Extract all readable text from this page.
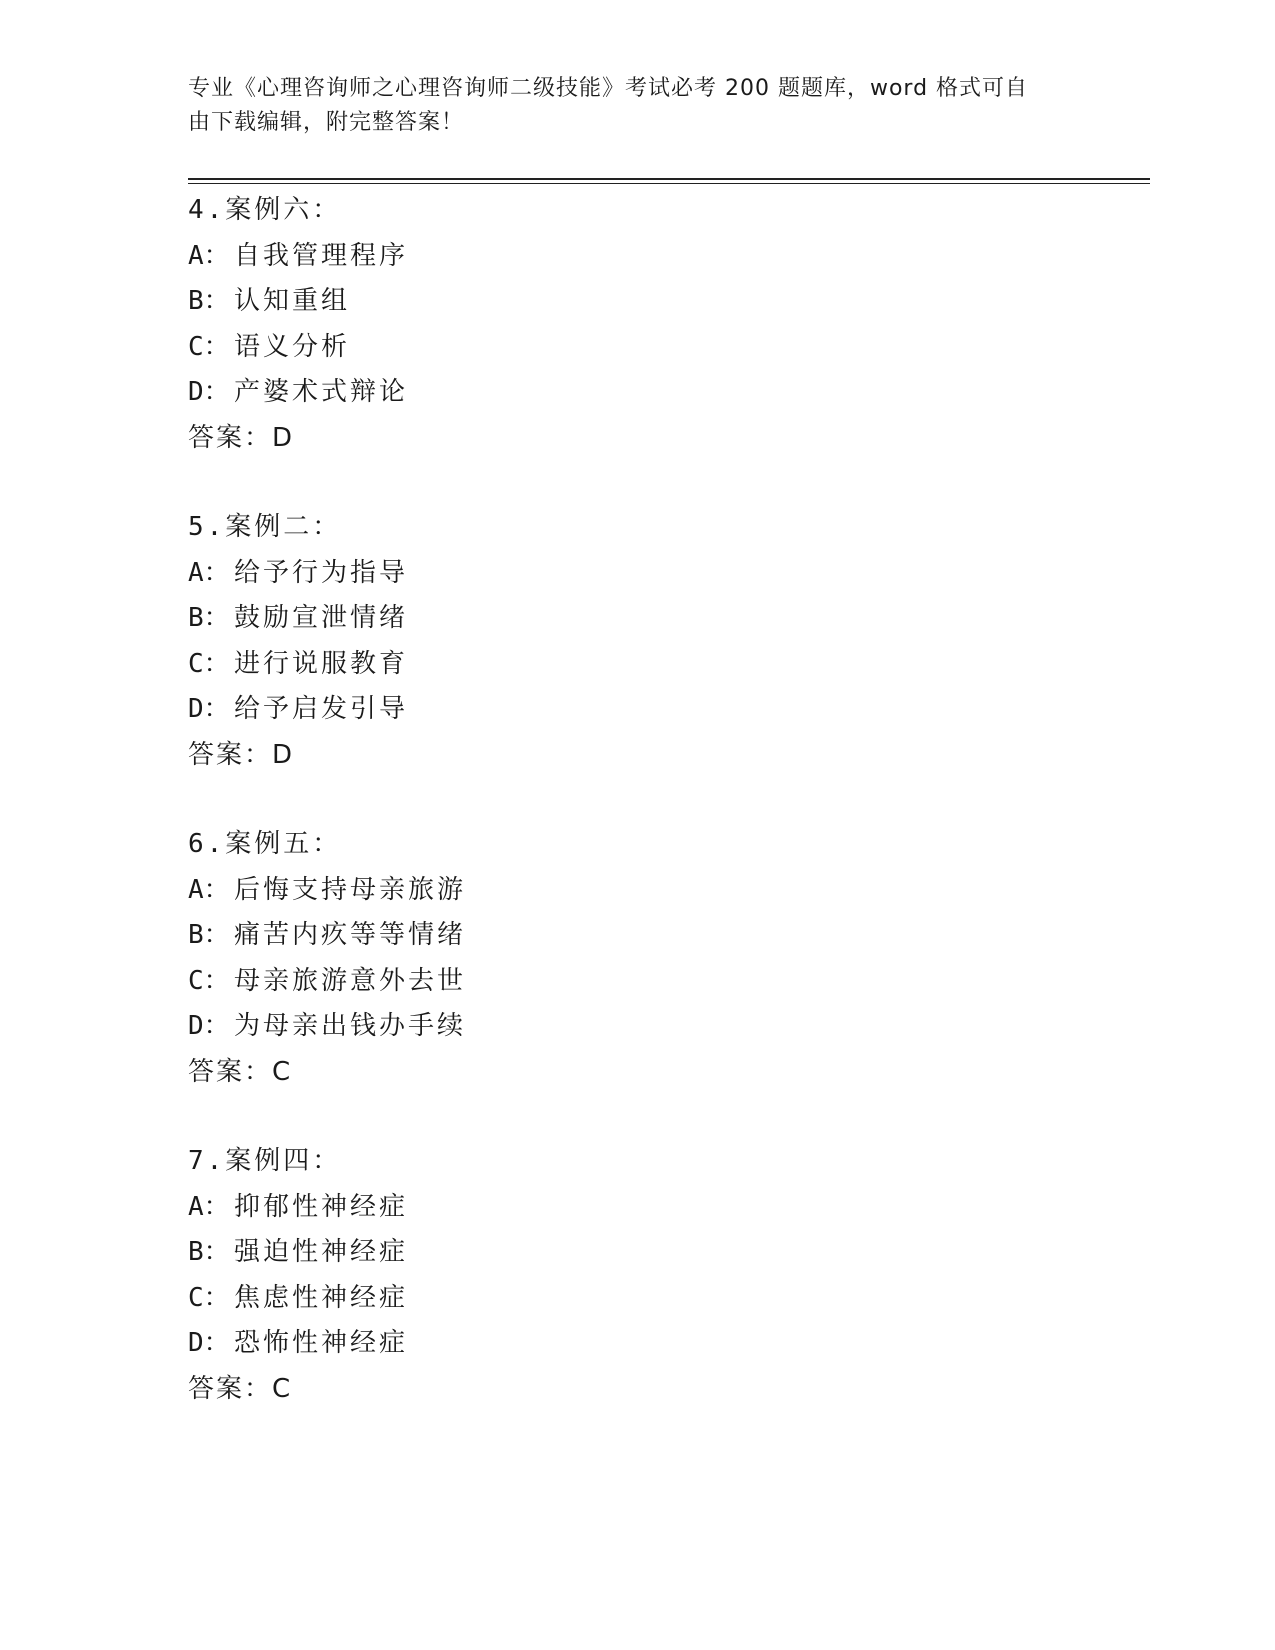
专业《心理咨询师之心理咨询师二级技能》考试必考 200 题题库，word 格式可自
由下载编辑，附完整答案！
4.案例六：
A： 自我管理程序
B： 认知重组
C： 语义分析
D： 产婆术式辩论
答案：D
5.案例二：
A： 给予行为指导
B： 鼓励宣泄情绪
C： 进行说服教育
D： 给予启发引导
答案：D
6.案例五：
A： 后悔支持母亲旅游
B： 痛苦内疚等等情绪
C： 母亲旅游意外去世
D： 为母亲出钱办手续
答案：C
7.案例四：
A： 抑郁性神经症
B： 强迫性神经症
C： 焦虑性神经症
D： 恐怖性神经症
答案：C
